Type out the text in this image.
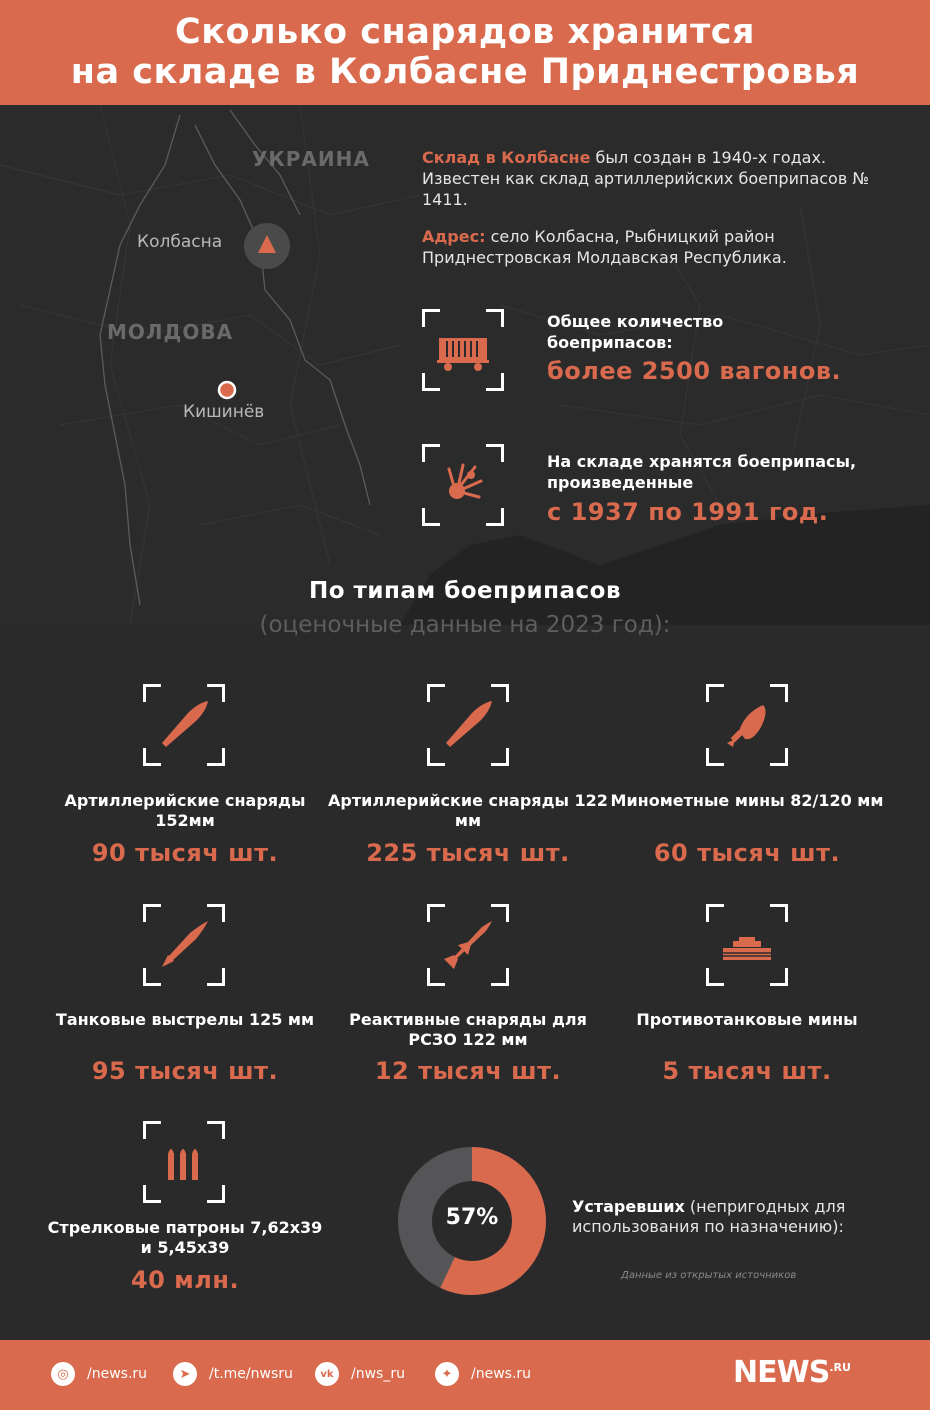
Сколько снарядов хранится
на складе в Колбасне Приднестровья
УКРАИНА
МОЛДОВА
Колбасна
Кишинёв
Склад в Колбасне был создан в 1940-х годах. Известен как склад артиллерийских боеприпасов № 1411.
Адрес: село Колбасна, Рыбницкий район Приднестровская Молдавская Республика.
Общее количество боеприпасов:
более 2500 вагонов.
На складе хранятся боеприпасы, произведенные
с 1937 по 1991 год.
По типам боеприпасов
(оценочные данные на 2023 год):
Артиллерийские снаряды 152мм
90 тысяч шт.
Артиллерийские снаряды 122 мм
225 тысяч шт.
Минометные мины 82/120 мм
60 тысяч шт.
Танковые выстрелы 125 мм
95 тысяч шт.
Реактивные снаряды для РСЗО 122 мм
12 тысяч шт.
Противотанковые мины
5 тысяч шт.
Стрелковые патроны 7,62х39 и 5,45х39
40 млн.
57%	Устаревших (непригодных для использования по назначению):
Данные из открытых источников
◎	/news.ru	➤	/t.me/nwsru	vk	/nws_ru	✦	/news.ru	$NEWS^{.RU}$
